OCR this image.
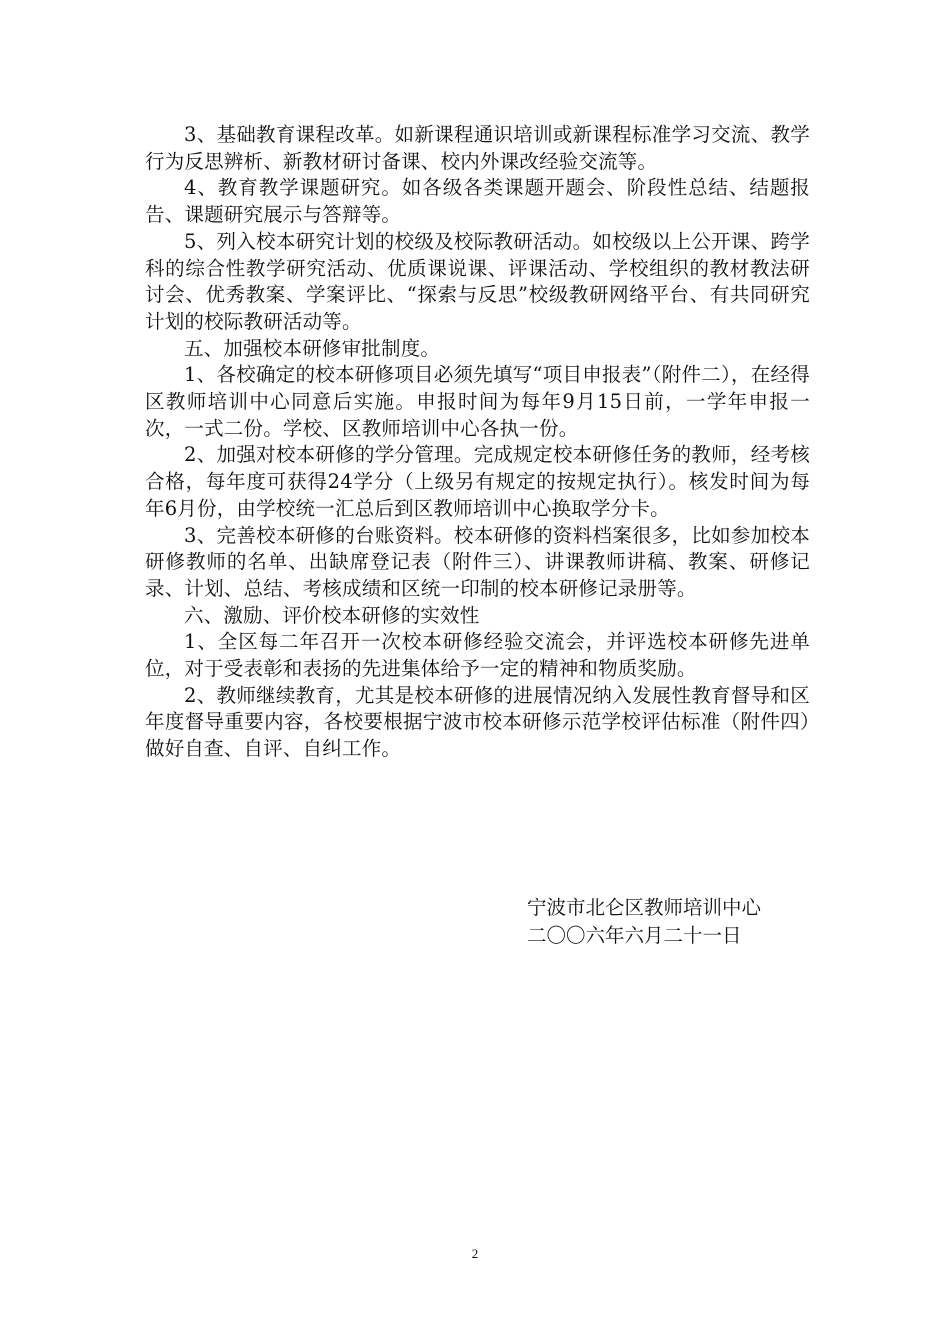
3、基础教育课程改革。如新课程通识培训或新课程标准学习交流、教学行为反思辨析、新教材研讨备课、校内外课改经验交流等。

4、教育教学课题研究。如各级各类课题开题会、阶段性总结、结题报告、课题研究展示与答辩等。

5、列入校本研究计划的校级及校际教研活动。如校级以上公开课、跨学科的综合性教学研究活动、优质课说课、评课活动、学校组织的教材教法研讨会、优秀教案、学案评比、“探索与反思”校级教研网络平台、有共同研究计划的校际教研活动等。

五、加强校本研修审批制度。

1、各校确定的校本研修项目必须先填写“项目申报表”（附件二），在经得区教师培训中心同意后实施。申报时间为每年9月15日前，一学年申报一次，一式二份。学校、区教师培训中心各执一份。

2、加强对校本研修的学分管理。完成规定校本研修任务的教师，经考核合格，每年度可获得24学分（上级另有规定的按规定执行）。核发时间为每年6月份，由学校统一汇总后到区教师培训中心换取学分卡。

3、完善校本研修的台账资料。校本研修的资料档案很多，比如参加校本研修教师的名单、出缺席登记表（附件三）、讲课教师讲稿、教案、研修记录、计划、总结、考核成绩和区统一印制的校本研修记录册等。

六、激励、评价校本研修的实效性

1、全区每二年召开一次校本研修经验交流会，并评选校本研修先进单位，对于受表彰和表扬的先进集体给予一定的精神和物质奖励。

2、教师继续教育，尤其是校本研修的进展情况纳入发展性教育督导和区年度督导重要内容，各校要根据宁波市校本研修示范学校评估标准（附件四）做好自查、自评、自纠工作。

宁波市北仑区教师培训中心

二〇〇六年六月二十一日

2
